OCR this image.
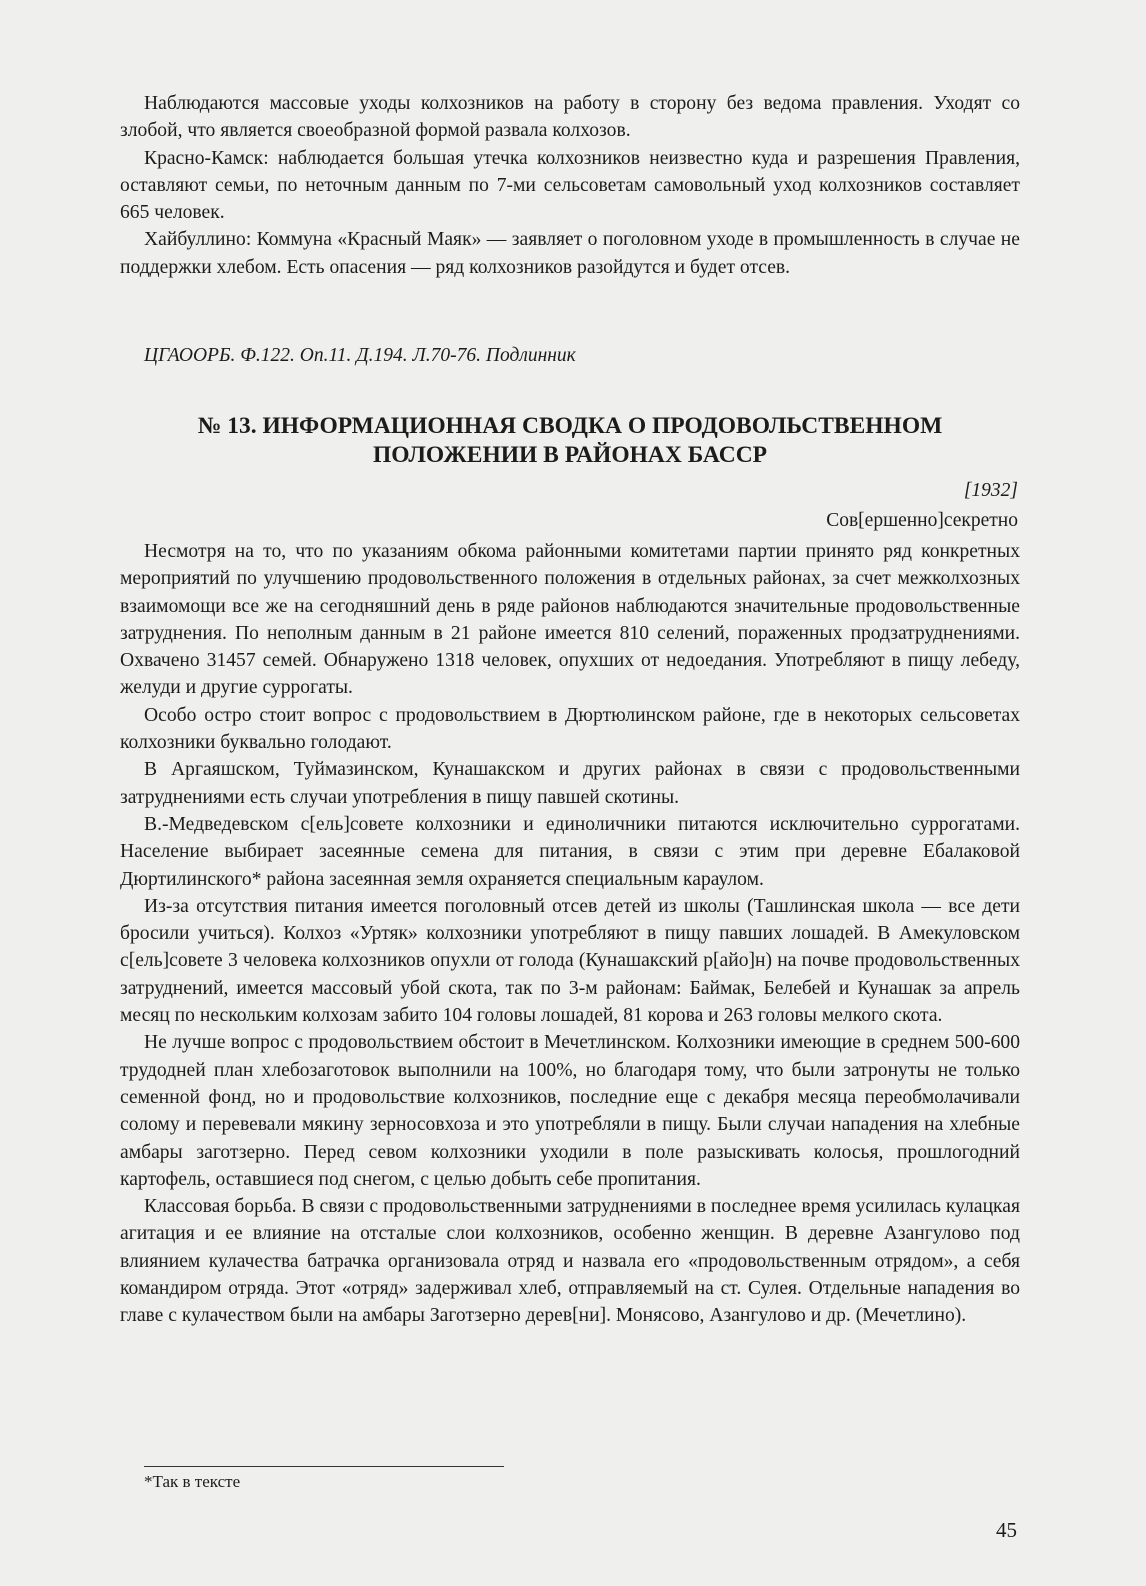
Наблюдаются массовые уходы колхозников на работу в сторону без ведома правления. Уходят со злобой, что является своеобразной формой развала колхозов.

Красно-Камск: наблюдается большая утечка колхозников неизвестно куда и разрешения Правления, оставляют семьи, по неточным данным по 7-ми сельсоветам самовольный уход колхозников составляет 665 человек.

Хайбуллино: Коммуна «Красный Маяк» — заявляет о поголовном уходе в промышленность в случае не поддержки хлебом. Есть опасения — ряд колхозников разойдутся и будет отсев.

ЦГАООРБ. Ф.122. Оп.11. Д.194. Л.70-76. Подлинник
№ 13. ИНФОРМАЦИОННАЯ СВОДКА О ПРОДОВОЛЬСТВЕННОМ
ПОЛОЖЕНИИ В РАЙОНАХ БАССР
[1932]
Сов[ершенно]секретно

Несмотря на то, что по указаниям обкома районными комитетами партии принято ряд конкретных мероприятий по улучшению продовольственного положения в отдельных районах, за счет межколхозных взаимомощи все же на сегодняшний день в ряде районов наблюдаются значительные продовольственные затруднения. По неполным данным в 21 районе имеется 810 селений, пораженных продзатруднениями. Охвачено 31457 семей. Обнаружено 1318 человек, опухших от недоедания. Употребляют в пищу лебеду, желуди и другие суррогаты.

Особо остро стоит вопрос с продовольствием в Дюртюлинском районе, где в некоторых сельсоветах колхозники буквально голодают.

В Аргаяшском, Туймазинском, Кунашакском и других районах в связи с продовольственными затруднениями есть случаи употребления в пищу павшей скотины.

В.-Медведевском с[ель]совете колхозники и единоличники питаются исключительно суррогатами. Население выбирает засеянные семена для питания, в связи с этим при деревне Ебалаковой Дюртилинского* района засеянная земля охраняется специальным караулом.

Из-за отсутствия питания имеется поголовный отсев детей из школы (Ташлинская школа — все дети бросили учиться). Колхоз «Уртяк» колхозники употребляют в пищу павших лошадей. В Амекуловском с[ель]совете 3 человека колхозников опухли от голода (Кунашакский р[айо]н) на почве продовольственных затруднений, имеется массовый убой скота, так по 3-м районам: Баймак, Белебей и Кунашак за апрель месяц по нескольким колхозам забито 104 головы лошадей, 81 корова и 263 головы мелкого скота.

Не лучше вопрос с продовольствием обстоит в Мечетлинском. Колхозники имеющие в среднем 500-600 трудодней план хлебозаготовок выполнили на 100%, но благодаря тому, что были затронуты не только семенной фонд, но и продовольствие колхозников, последние еще с декабря месяца переобмолачивали солому и перевевали мякину зерносовхоза и это употребляли в пищу. Были случаи нападения на хлебные амбары заготзерно. Перед севом колхозники уходили в поле разыскивать колосья, прошлогодний картофель, оставшиеся под снегом, с целью добыть себе пропитания.

Классовая борьба. В связи с продовольственными затруднениями в последнее время усилилась кулацкая агитация и ее влияние на отсталые слои колхозников, особенно женщин. В деревне Азангулово под влиянием кулачества батрачка организовала отряд и назвала его «продовольственным отрядом», а себя командиром отряда. Этот «отряд» задерживал хлеб, отправляемый на ст. Сулея. Отдельные нападения во главе с кулачеством были на амбары Заготзерно дерев[ни]. Монясово, Азангулово и др. (Мечетлино).

*Так в тексте
45
